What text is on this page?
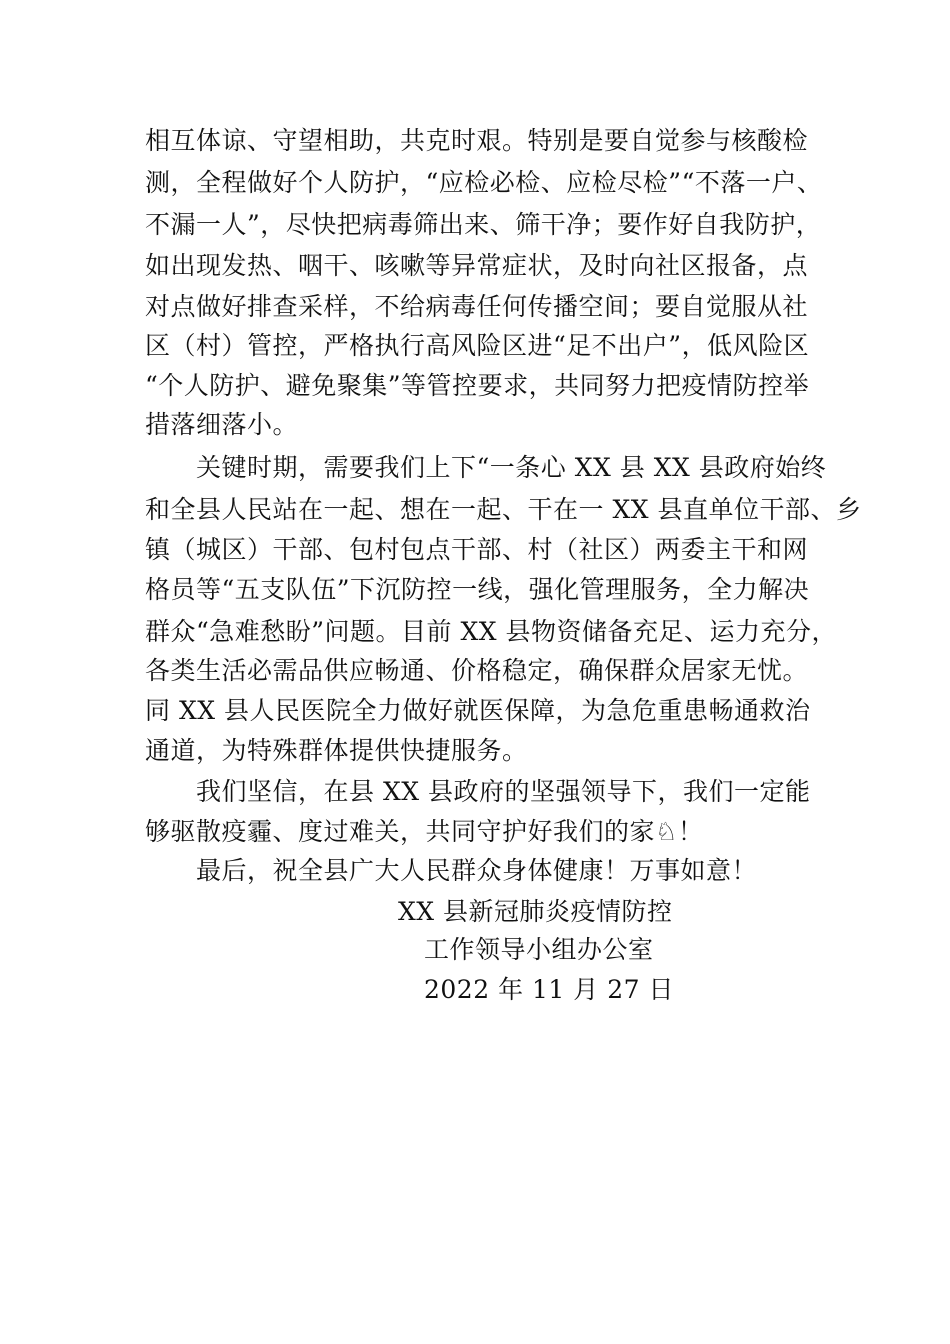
相互体谅、守望相助，共克时艰。特别是要自觉参与核酸检
测，全程做好个人防护，“应检必检、应检尽检”“不落一户、
不漏一人”，尽快把病毒筛出来、筛干净；要作好自我防护，
如出现发热、咽干、咳嗽等异常症状，及时向社区报备，点
对点做好排查采样，不给病毒任何传播空间；要自觉服从社
区（村）管控，严格执行高风险区进“足不出户”，低风险区
“个人防护、避免聚集”等管控要求，共同努力把疫情防控举
措落细落小。
关键时期，需要我们上下“一条心 XX 县 XX 县政府始终
和全县人民站在一起、想在一起、干在一 XX 县直单位干部、乡
镇（城区）干部、包村包点干部、村（社区）两委主干和网
格员等“五支队伍”下沉防控一线，强化管理服务，全力解决
群众“急难愁盼”问题。目前 XX 县物资储备充足、运力充分，
各类生活必需品供应畅通、价格稳定，确保群众居家无忧。
同 XX 县人民医院全力做好就医保障，为急危重患畅通救治
通道，为特殊群体提供快捷服务。
我们坚信，在县 XX 县政府的坚强领导下，我们一定能
够驱散疫霾、度过难关，共同守护好我们的家♘！
最后，祝全县广大人民群众身体健康！万事如意！
XX 县新冠肺炎疫情防控
工作领导小组办公室
2022 年 11 月 27 日
